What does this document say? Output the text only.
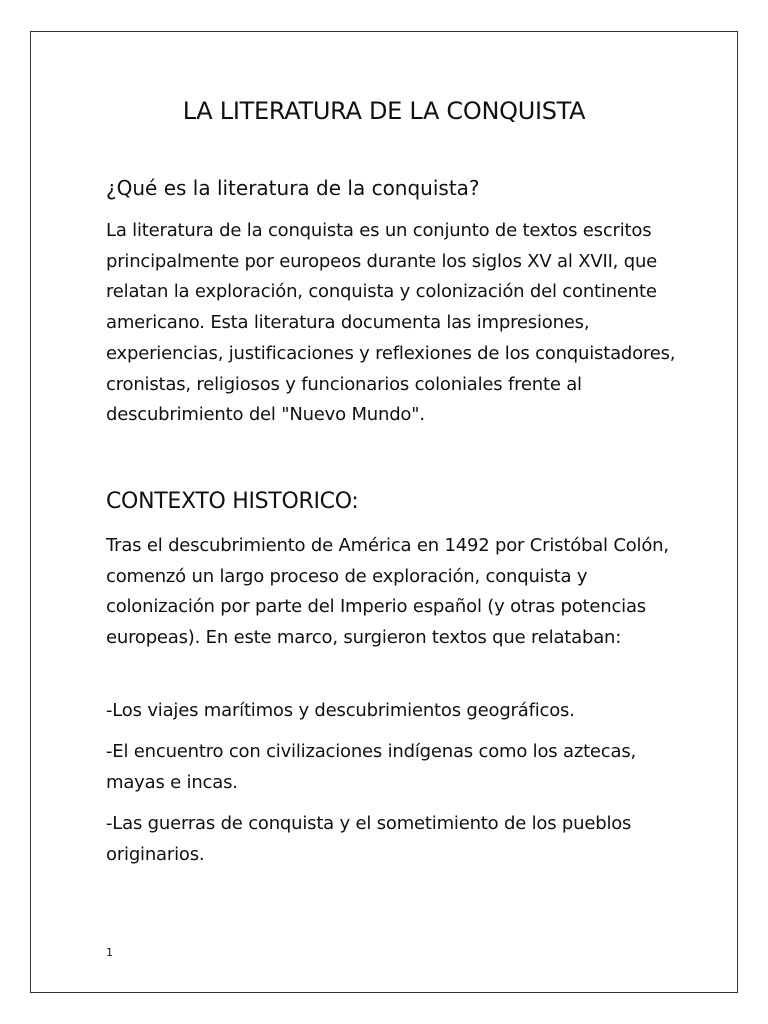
LA LITERATURA DE LA CONQUISTA
¿Qué es la literatura de la conquista?

La literatura de la conquista es un conjunto de textos escritos principalmente por europeos durante los siglos XV al XVII, que relatan la exploración, conquista y colonización del continente americano. Esta literatura documenta las impresiones, experiencias, justificaciones y reflexiones de los conquistadores, cronistas, religiosos y funcionarios coloniales frente al descubrimiento del "Nuevo Mundo".

CONTEXTO HISTORICO:

Tras el descubrimiento de América en 1492 por Cristóbal Colón, comenzó un largo proceso de exploración, conquista y colonización por parte del Imperio español (y otras potencias europeas). En este marco, surgieron textos que relataban:

-Los viajes marítimos y descubrimientos geográficos.

-El encuentro con civilizaciones indígenas como los aztecas, mayas e incas.

-Las guerras de conquista y el sometimiento de los pueblos originarios.

1
